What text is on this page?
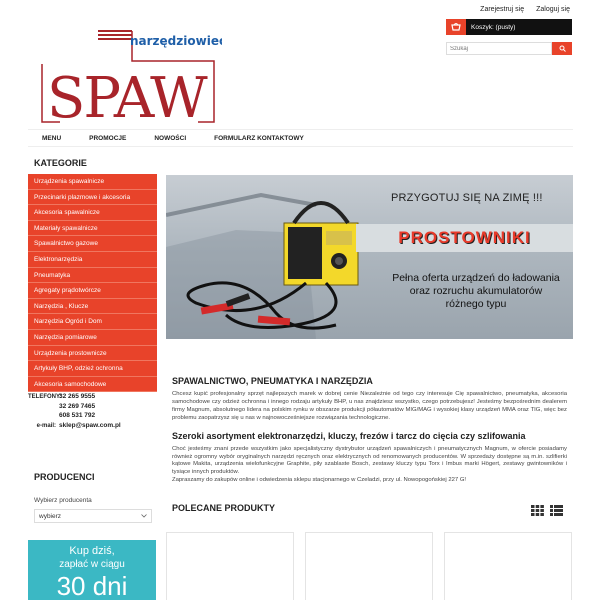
Zarejestruj się Zaloguj się
Koszyk: (pusty)
Szukaj
narzędziowiec
SPAW
MENU	PROMOCJE	NOWOŚCI	FORMULARZ KONTAKTOWY
KATEGORIE
Urządzenia spawalnicze
Przecinarki plazmowe i akcesoria
Akcesoria spawalnicze
Materiały spawalnicze
Spawalnictwo gazowe
Elektronarzędzia
Pneumatyka
Agregaty prądotwórcze
Narzędzia , Klucze
Narzędzia Ogród i Dom
Narzędzia pomiarowe
Urządzenia prostownicze
Artykuły BHP, odzież ochronna
Akcesoria samochodowe
TELEFONY:
32 265 9555
32 269 7465
608 531 792
e-mail: sklep@spaw.com.pl
PRODUCENCI
Wybierz producenta
wybierz
Kup dziś,
zapłać w ciągu
30 dni
PRZYGOTUJ SIĘ NA ZIMĘ !!!
PROSTOWNIKI
Pełna oferta urządzeń do ładowania oraz rozruchu akumulatorów różnego typu
SPAWALNICTWO, PNEUMATYKA I NARZĘDZIA
Chcesz kupić profesjonalny sprzęt najlepszych marek w dobrej cenie Niezależnie od tego czy interesuje Cię spawalnictwo, pneumatyka, akcesoria samochodowe czy odzież ochronna i innego rodzaju artykuły BHP, u nas znajdziesz wszystko, czego potrzebujesz! Jesteśmy bezpośrednim dealerem firmy Magnum, absolutnego lidera na polskim rynku w obszarze produkcji półautomatów MIG/MAG i wysokiej klasy urządzeń MMA oraz TIG, więc bez problemu zaopatrzysz się u nas w najnowocześniejsze rozwiązania technologiczne.
Szeroki asortyment elektronarzędzi, kluczy, frezów i tarcz do cięcia czy szlifowania
Choć jesteśmy znani przede wszystkim jako specjalistyczny dystrybutor urządzeń spawalniczych i pneumatycznych Magnum, w ofercie posiadamy również ogromny wybór oryginalnych narzędzi ręcznych oraz elektrycznych od renomowanych producentów. W sprzedaży dostępne są m.in. szlifierki kątowe Makita, urządzenia wielofunkcyjne Graphite, piły szablaste Bosch, zestawy kluczy typu Torx i Imbus marki Högert, zestawy gwintowników i tysiące innych produktów.
Zapraszamy do zakupów online i odwiedzenia sklepu stacjonarnego w Czeladzi, przy ul. Nowopogońskiej 227 G!
POLECANE PRODUKTY
